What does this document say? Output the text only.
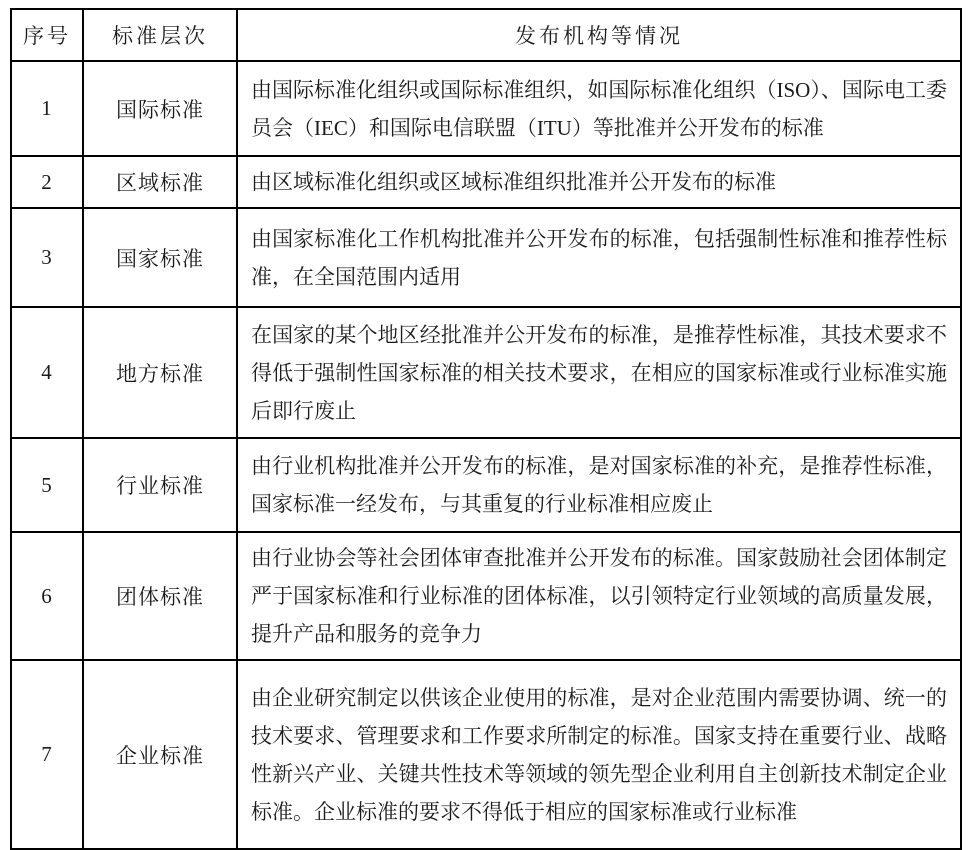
序号	标准层次	发布机构等情况
1	国际标准	由国际标准化组织或国际标准组织，如国际标准化组织（ISO）、国际电工委员会（IEC）和国际电信联盟（ITU）等批准并公开发布的标准
2	区域标准	由区域标准化组织或区域标准组织批准并公开发布的标准
3	国家标准	由国家标准化工作机构批准并公开发布的标准，包括强制性标准和推荐性标准，在全国范围内适用
4	地方标准	在国家的某个地区经批准并公开发布的标准，是推荐性标准，其技术要求不得低于强制性国家标准的相关技术要求，在相应的国家标准或行业标准实施后即行废止
5	行业标准	由行业机构批准并公开发布的标准，是对国家标准的补充，是推荐性标准，国家标准一经发布，与其重复的行业标准相应废止
6	团体标准	由行业协会等社会团体审查批准并公开发布的标准。国家鼓励社会团体制定严于国家标准和行业标准的团体标准，以引领特定行业领域的高质量发展，提升产品和服务的竞争力
7	企业标准	由企业研究制定以供该企业使用的标准，是对企业范围内需要协调、统一的技术要求、管理要求和工作要求所制定的标准。国家支持在重要行业、战略性新兴产业、关键共性技术等领域的领先型企业利用自主创新技术制定企业标准。企业标准的要求不得低于相应的国家标准或行业标准
